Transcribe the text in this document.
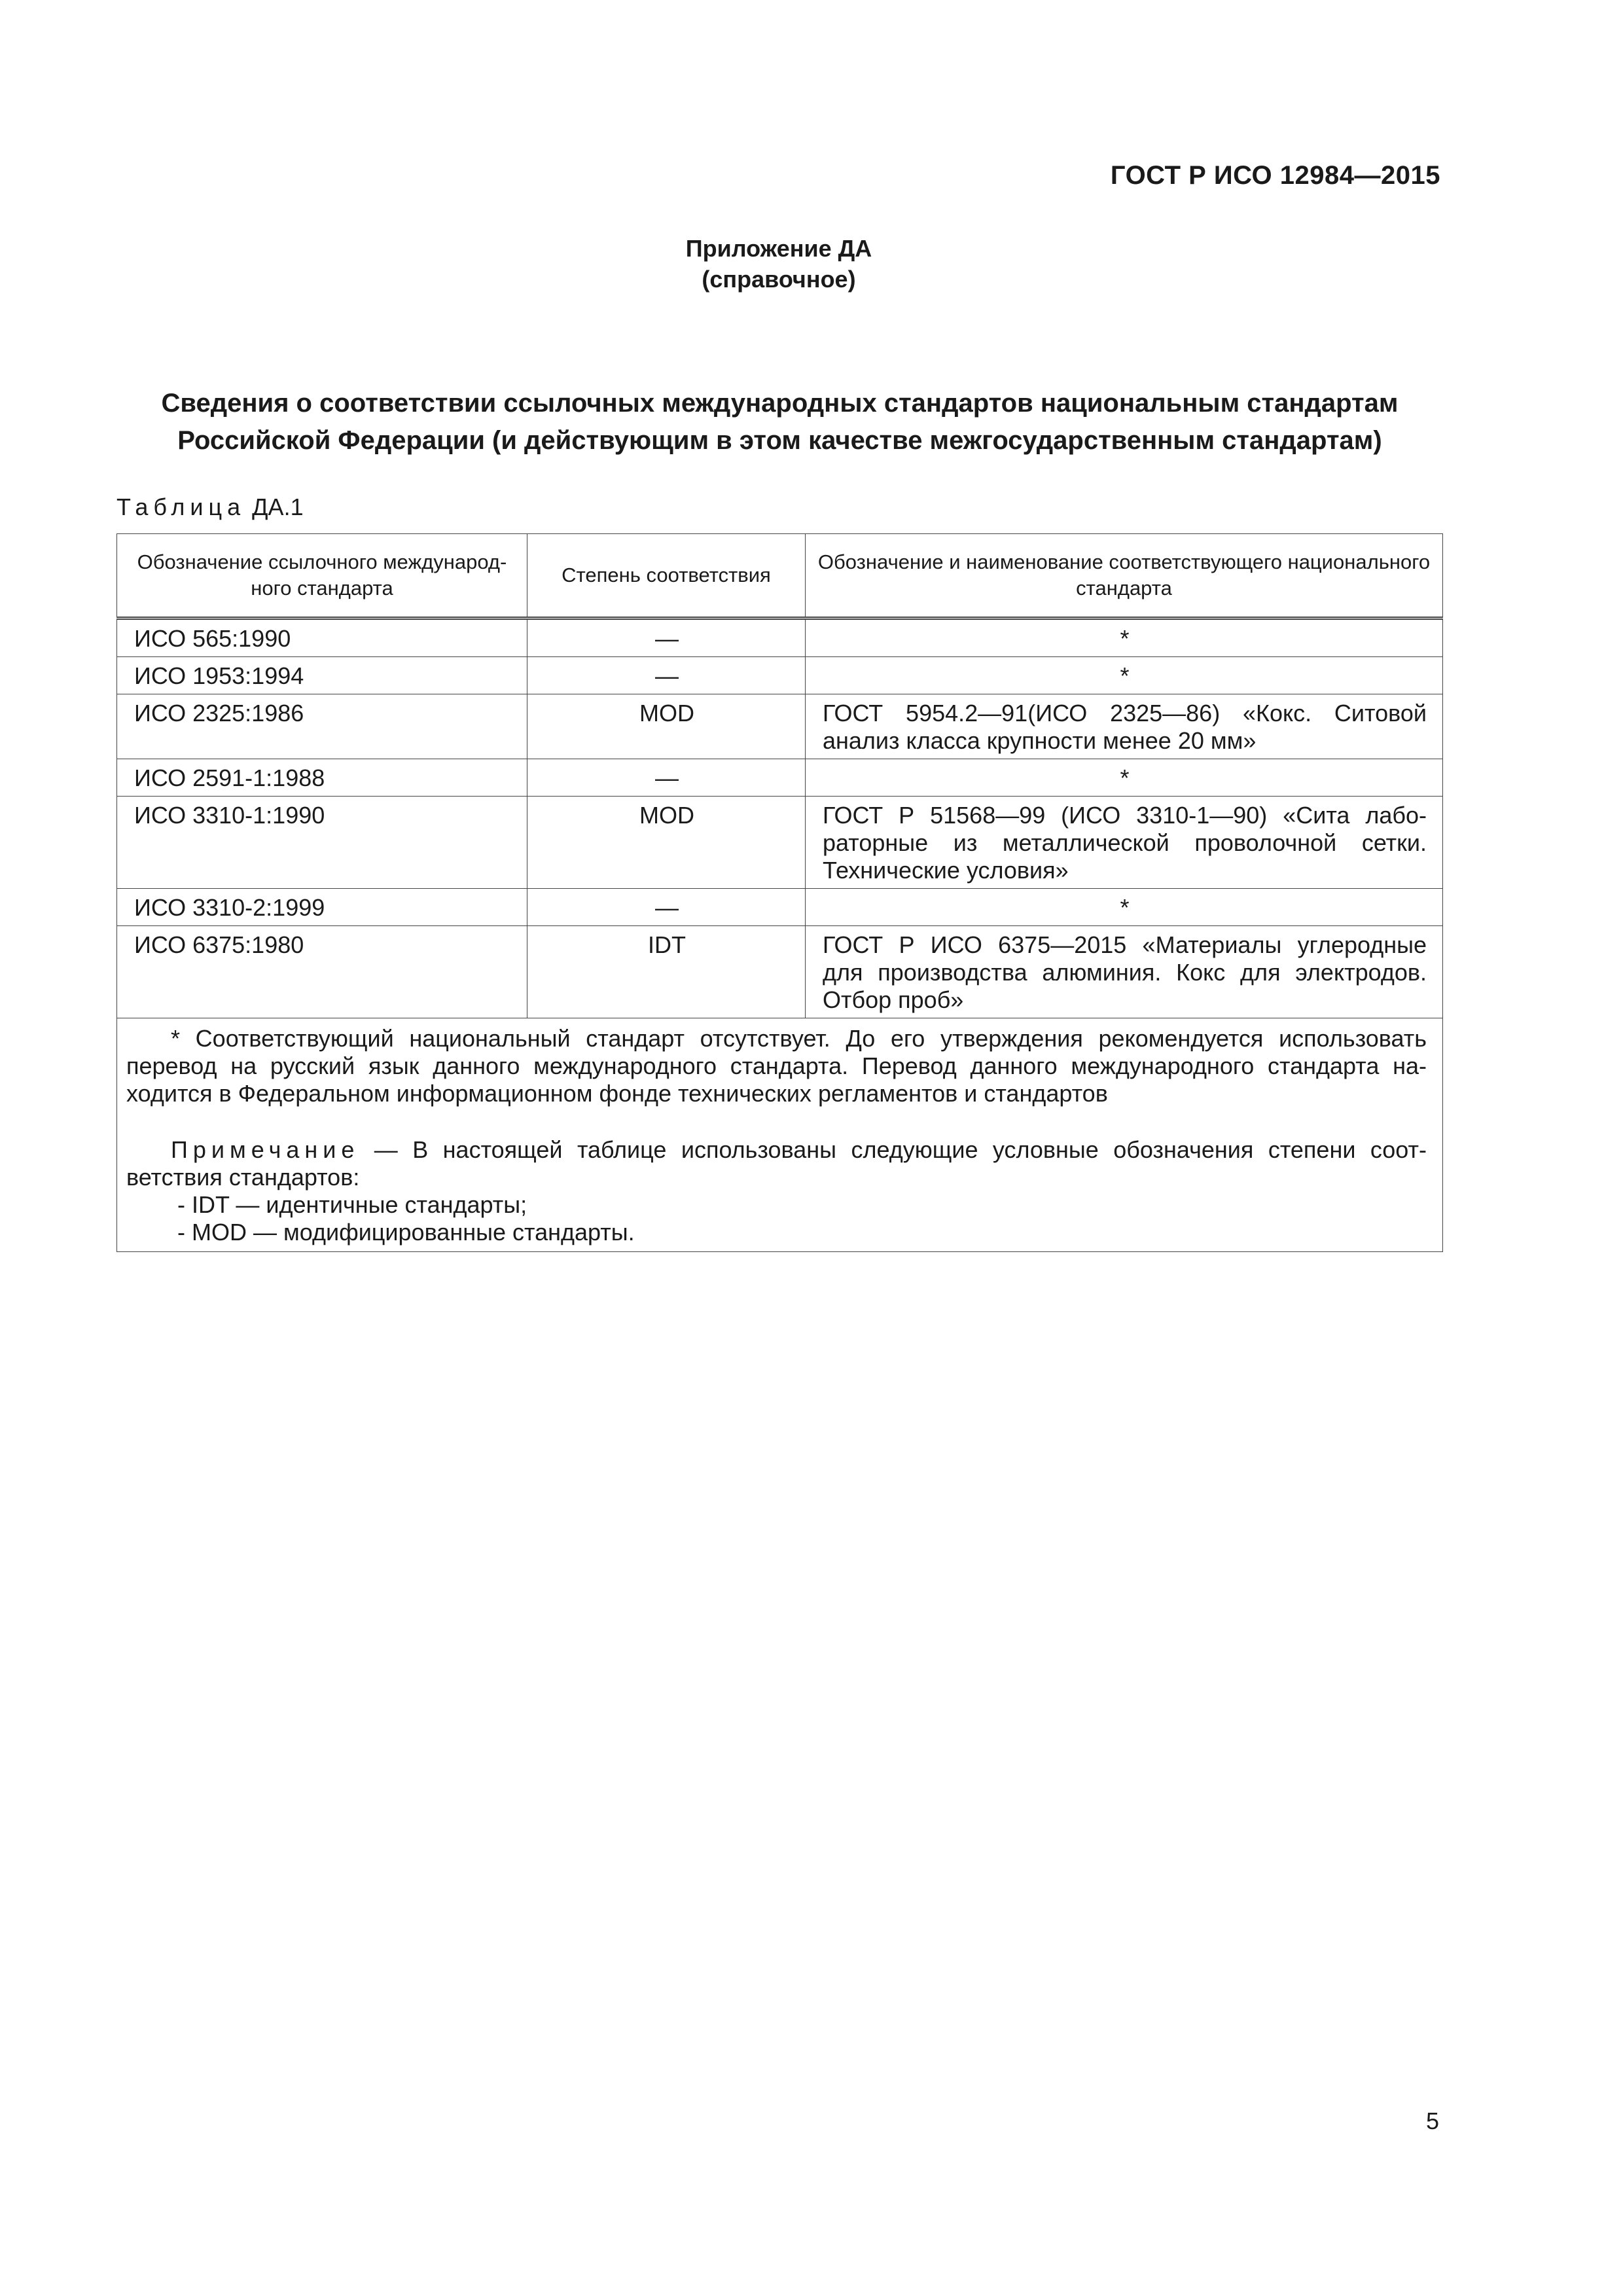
ГОСТ Р ИСО 12984—2015
Приложение ДА
(справочное)
Сведения о соответствии ссылочных международных стандартов национальным стандартам
Российской Федерации (и действующим в этом качестве межгосударственным стандартам)
Таблица ДА.1
Обозначение ссылочного международ-ного стандарта	Степень соответствия	Обозначение и наименование соответствующего национального стандарта
ИСО 565:1990	—	*
ИСО 1953:1994	—	*
ИСО 2325:1986	MOD	ГОСТ 5954.2—91(ИСО 2325—86) «Кокс. Ситовой анализ класса крупности менее 20 мм»
ИСО 2591-1:1988	—	*
ИСО 3310-1:1990	MOD	ГОСТ Р 51568—99 (ИСО 3310-1—90) «Сита лабо-раторные из металлической проволочной сетки. Технические условия»
ИСО 3310-2:1999	—	*
ИСО 6375:1980	IDT	ГОСТ Р ИСО 6375—2015 «Материалы углеродные для производства алюминия. Кокс для электродов. Отбор проб»

* Соответствующий национальный стандарт отсутствует. До его утверждения рекомендуется использовать перевод на русский язык данного международного стандарта. Перевод данного международного стандарта на-ходится в Федеральном информационном фонде технических регламентов и стандартов

Примечание — В настоящей таблице использованы следующие условные обозначения степени соот-ветствия стандартов:

- IDT — идентичные стандарты;

- MOD — модифицированные стандарты.		

5
